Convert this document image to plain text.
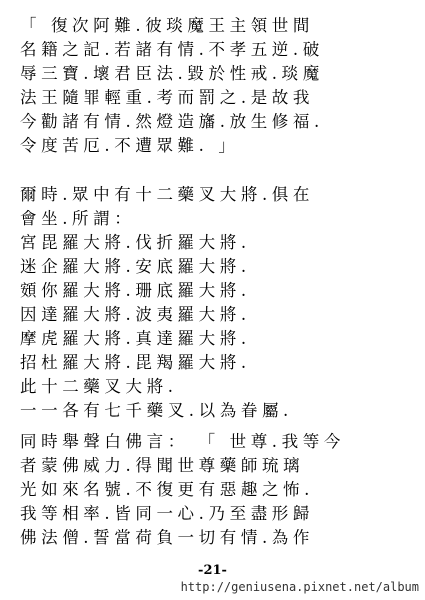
「 復次阿難.彼琰魔王主領世間
名籍之記.若諸有情.不孝五逆.破
辱三寶.壞君臣法.毀於性戒.琰魔
法王隨罪輕重.考而罰之.是故我
今勸諸有情.然燈造旛.放生修福.
令度苦厄.不遭眾難. 」
爾時.眾中有十二藥叉大將.俱在
會坐.所謂：
宮毘羅大將.伐折羅大將.
迷企羅大將.安底羅大將.
頞你羅大將.珊底羅大將.
因達羅大將.波夷羅大將.
摩虎羅大將.真達羅大將.
招杜羅大將.毘羯羅大將.
此十二藥叉大將.
一一各有七千藥叉.以為眷屬.
同時舉聲白佛言： 「 世尊.我等今
者蒙佛威力.得聞世尊藥師琉璃
光如來名號.不復更有惡趣之怖.
我等相率.皆同一心.乃至盡形歸
佛法僧.誓當荷負一切有情.為作
-21-
http://geniusena.pixnet.net/album
